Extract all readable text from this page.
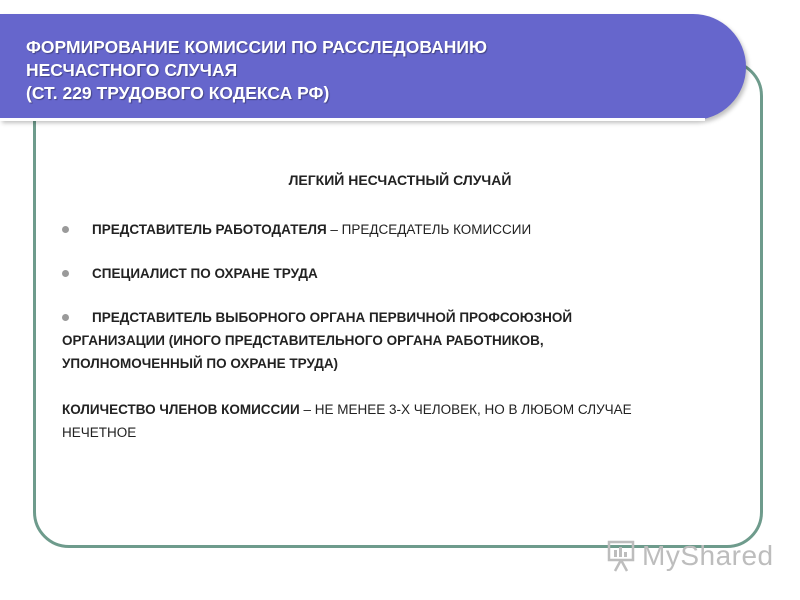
ФОРМИРОВАНИЕ КОМИССИИ ПО РАССЛЕДОВАНИЮ
НЕСЧАСТНОГО СЛУЧАЯ
(СТ. 229 ТРУДОВОГО КОДЕКСА РФ)
ЛЕГКИЙ НЕСЧАСТНЫЙ СЛУЧАЙ
ПРЕДСТАВИТЕЛЬ РАБОТОДАТЕЛЯ – ПРЕДСЕДАТЕЛЬ КОМИССИИ
СПЕЦИАЛИСТ ПО ОХРАНЕ ТРУДА
ПРЕДСТАВИТЕЛЬ ВЫБОРНОГО ОРГАНА ПЕРВИЧНОЙ ПРОФСОЮЗНОЙ
ОРГАНИЗАЦИИ (ИНОГО ПРЕДСТАВИТЕЛЬНОГО ОРГАНА РАБОТНИКОВ,
УПОЛНОМОЧЕННЫЙ ПО ОХРАНЕ ТРУДА)
КОЛИЧЕСТВО ЧЛЕНОВ КОМИССИИ – НЕ МЕНЕЕ 3-Х ЧЕЛОВЕК, НО В ЛЮБОМ СЛУЧАЕ
НЕЧЕТНОЕ
MyShared
